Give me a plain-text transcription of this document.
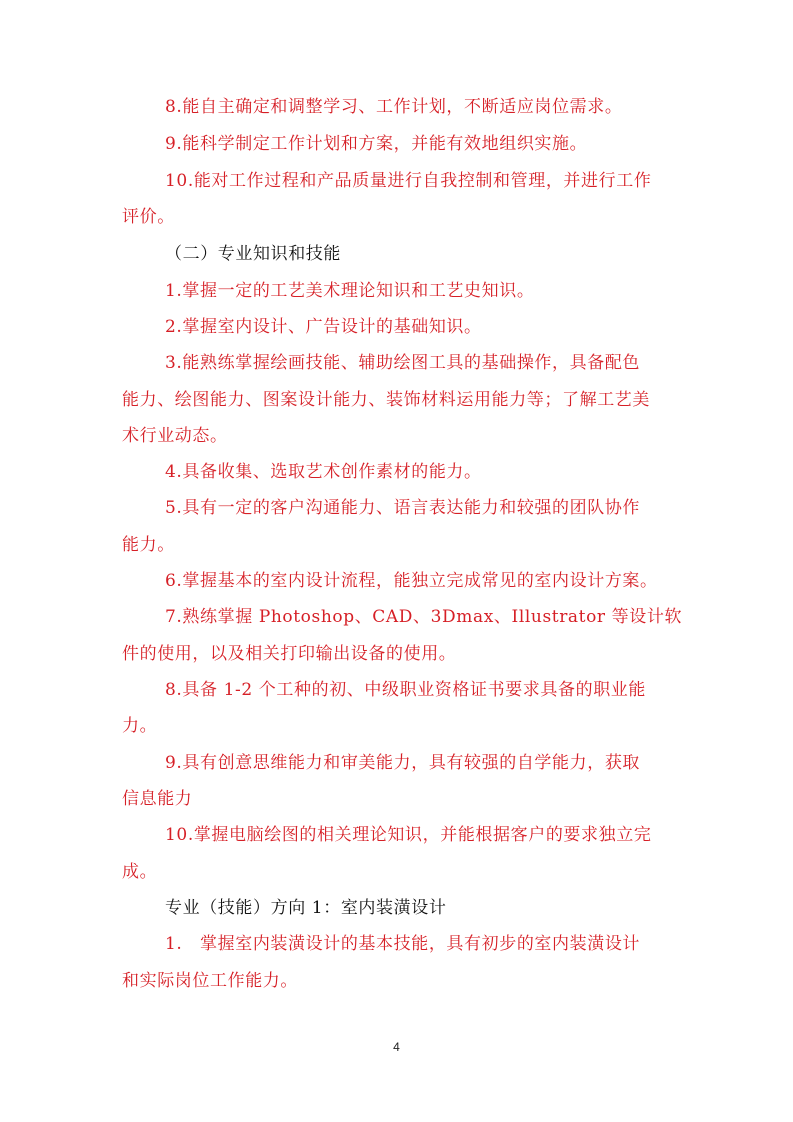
8.能自主确定和调整学习、工作计划，不断适应岗位需求。
9.能科学制定工作计划和方案，并能有效地组织实施。
10.能对工作过程和产品质量进行自我控制和管理，并进行工作
评价。
（二）专业知识和技能
1.掌握一定的工艺美术理论知识和工艺史知识。
2.掌握室内设计、广告设计的基础知识。
3.能熟练掌握绘画技能、辅助绘图工具的基础操作，具备配色
能力、绘图能力、图案设计能力、装饰材料运用能力等；了解工艺美
术行业动态。
4.具备收集、选取艺术创作素材的能力。
5.具有一定的客户沟通能力、语言表达能力和较强的团队协作
能力。
6.掌握基本的室内设计流程，能独立完成常见的室内设计方案。
7.熟练掌握 Photoshop、CAD、3Dmax、Illustrator 等设计软
件的使用，以及相关打印输出设备的使用。
8.具备 1-2 个工种的初、中级职业资格证书要求具备的职业能
力。
9.具有创意思维能力和审美能力，具有较强的自学能力，获取
信息能力
10.掌握电脑绘图的相关理论知识，并能根据客户的要求独立完
成。
专业（技能）方向 1：室内装潢设计
1.　掌握室内装潢设计的基本技能，具有初步的室内装潢设计
和实际岗位工作能力。
4
